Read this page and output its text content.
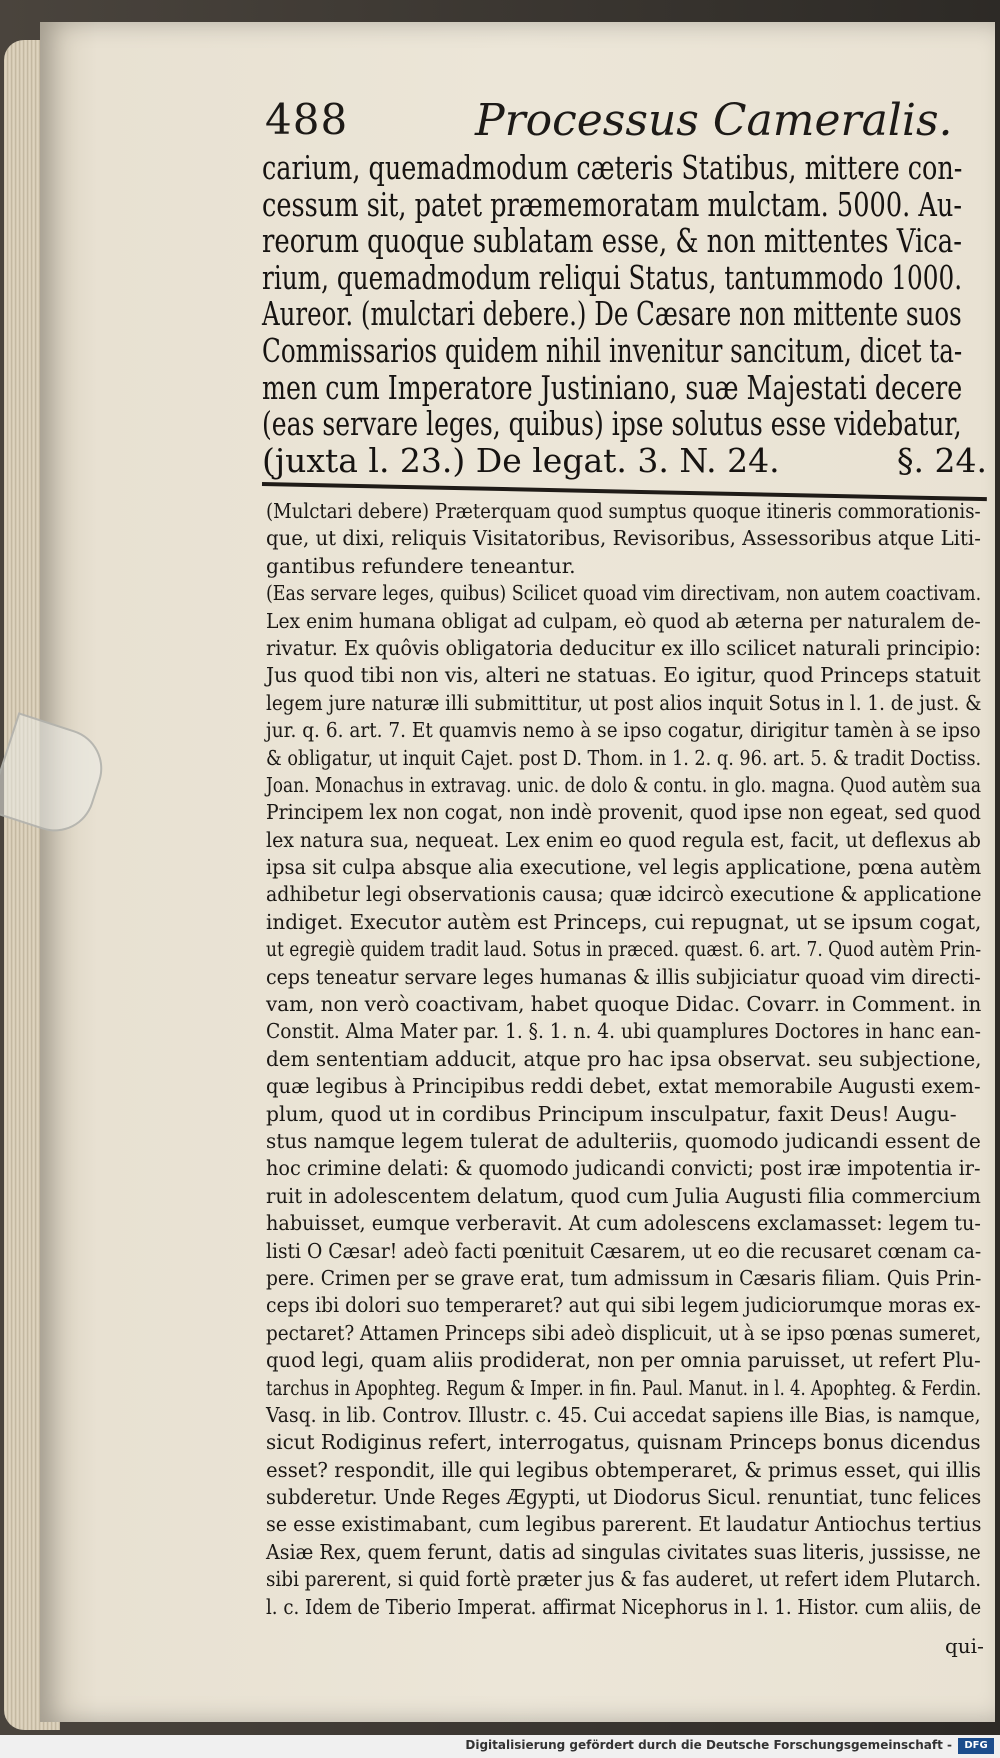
488	Processus Cameralis.
carium, quemadmodum cæteris Statibus, mittere con-
cessum sit, patet præmemoratam mulctam. 5000. Au-
reorum quoque sublatam esse, & non mittentes Vica-
rium, quemadmodum reliqui Status, tantummodo 1000.
Aureor. (mulctari debere.) De Cæsare non mittente suos
Commissarios quidem nihil invenitur sancitum, dicet ta-
men cum Imperatore Justiniano, suæ Majestati decere
(eas servare leges, quibus) ipse solutus esse videbatur,
(juxta l. 23.) De legat. 3. N. 24.	§. 24.
(Mulctari debere) Præterquam quod sumptus quoque itineris commorationis-
que, ut dixi, reliquis Visitatoribus, Revisoribus, Assessoribus atque Liti-
gantibus refundere teneantur.
(Eas servare leges, quibus) Scilicet quoad vim directivam, non autem coactivam.
Lex enim humana obligat ad culpam, eò quod ab æterna per naturalem de-
rivatur. Ex quôvis obligatoria deducitur ex illo scilicet naturali principio:
Jus quod tibi non vis, alteri ne statuas. Eo igitur, quod Princeps statuit
legem jure naturæ illi submittitur, ut post alios inquit Sotus in l. 1. de just. &
jur. q. 6. art. 7. Et quamvis nemo à se ipso cogatur, dirigitur tamèn à se ipso
& obligatur, ut inquit Cajet. post D. Thom. in 1. 2. q. 96. art. 5. & tradit Doctiss.
Joan. Monachus in extravag. unic. de dolo & contu. in glo. magna. Quod autèm sua
Principem lex non cogat, non indè provenit, quod ipse non egeat, sed quod
lex natura sua, nequeat. Lex enim eo quod regula est, facit, ut deflexus ab
ipsa sit culpa absque alia executione, vel legis applicatione, pœna autèm
adhibetur legi observationis causa; quæ idcircò executione & applicatione
indiget. Executor autèm est Princeps, cui repugnat, ut se ipsum cogat,
ut egregiè quidem tradit laud. Sotus in præced. quæst. 6. art. 7. Quod autèm Prin-
ceps teneatur servare leges humanas & illis subjiciatur quoad vim directi-
vam, non verò coactivam, habet quoque Didac. Covarr. in Comment. in
Constit. Alma Mater par. 1. §. 1. n. 4. ubi quamplures Doctores in hanc ean-
dem sententiam adducit, atque pro hac ipsa observat. seu subjectione,
quæ legibus à Principibus reddi debet, extat memorabile Augusti exem-
plum, quod ut in cordibus Principum insculpatur, faxit Deus! Augu-
stus namque legem tulerat de adulteriis, quomodo judicandi essent de
hoc crimine delati: & quomodo judicandi convicti; post iræ impotentia ir-
ruit in adolescentem delatum, quod cum Julia Augusti filia commercium
habuisset, eumque verberavit. At cum adolescens exclamasset: legem tu-
listi O Cæsar! adeò facti pœnituit Cæsarem, ut eo die recusaret cœnam ca-
pere. Crimen per se grave erat, tum admissum in Cæsaris filiam. Quis Prin-
ceps ibi dolori suo temperaret? aut qui sibi legem judiciorumque moras ex-
pectaret? Attamen Princeps sibi adeò displicuit, ut à se ipso pœnas sumeret,
quod legi, quam aliis prodiderat, non per omnia paruisset, ut refert Plu-
tarchus in Apophteg. Regum & Imper. in fin. Paul. Manut. in l. 4. Apophteg. & Ferdin.
Vasq. in lib. Controv. Illustr. c. 45. Cui accedat sapiens ille Bias, is namque,
sicut Rodiginus refert, interrogatus, quisnam Princeps bonus dicendus
esset? respondit, ille qui legibus obtemperaret, & primus esset, qui illis
subderetur. Unde Reges Ægypti, ut Diodorus Sicul. renuntiat, tunc felices
se esse existimabant, cum legibus parerent. Et laudatur Antiochus tertius
Asiæ Rex, quem ferunt, datis ad singulas civitates suas literis, jussisse, ne
sibi parerent, si quid fortè præter jus & fas auderet, ut refert idem Plutarch.
l. c. Idem de Tiberio Imperat. affirmat Nicephorus in l. 1. Histor. cum aliis, de
qui-
Digitalisierung gefördert durch die Deutsche Forschungsgemeinschaft -	DFG
